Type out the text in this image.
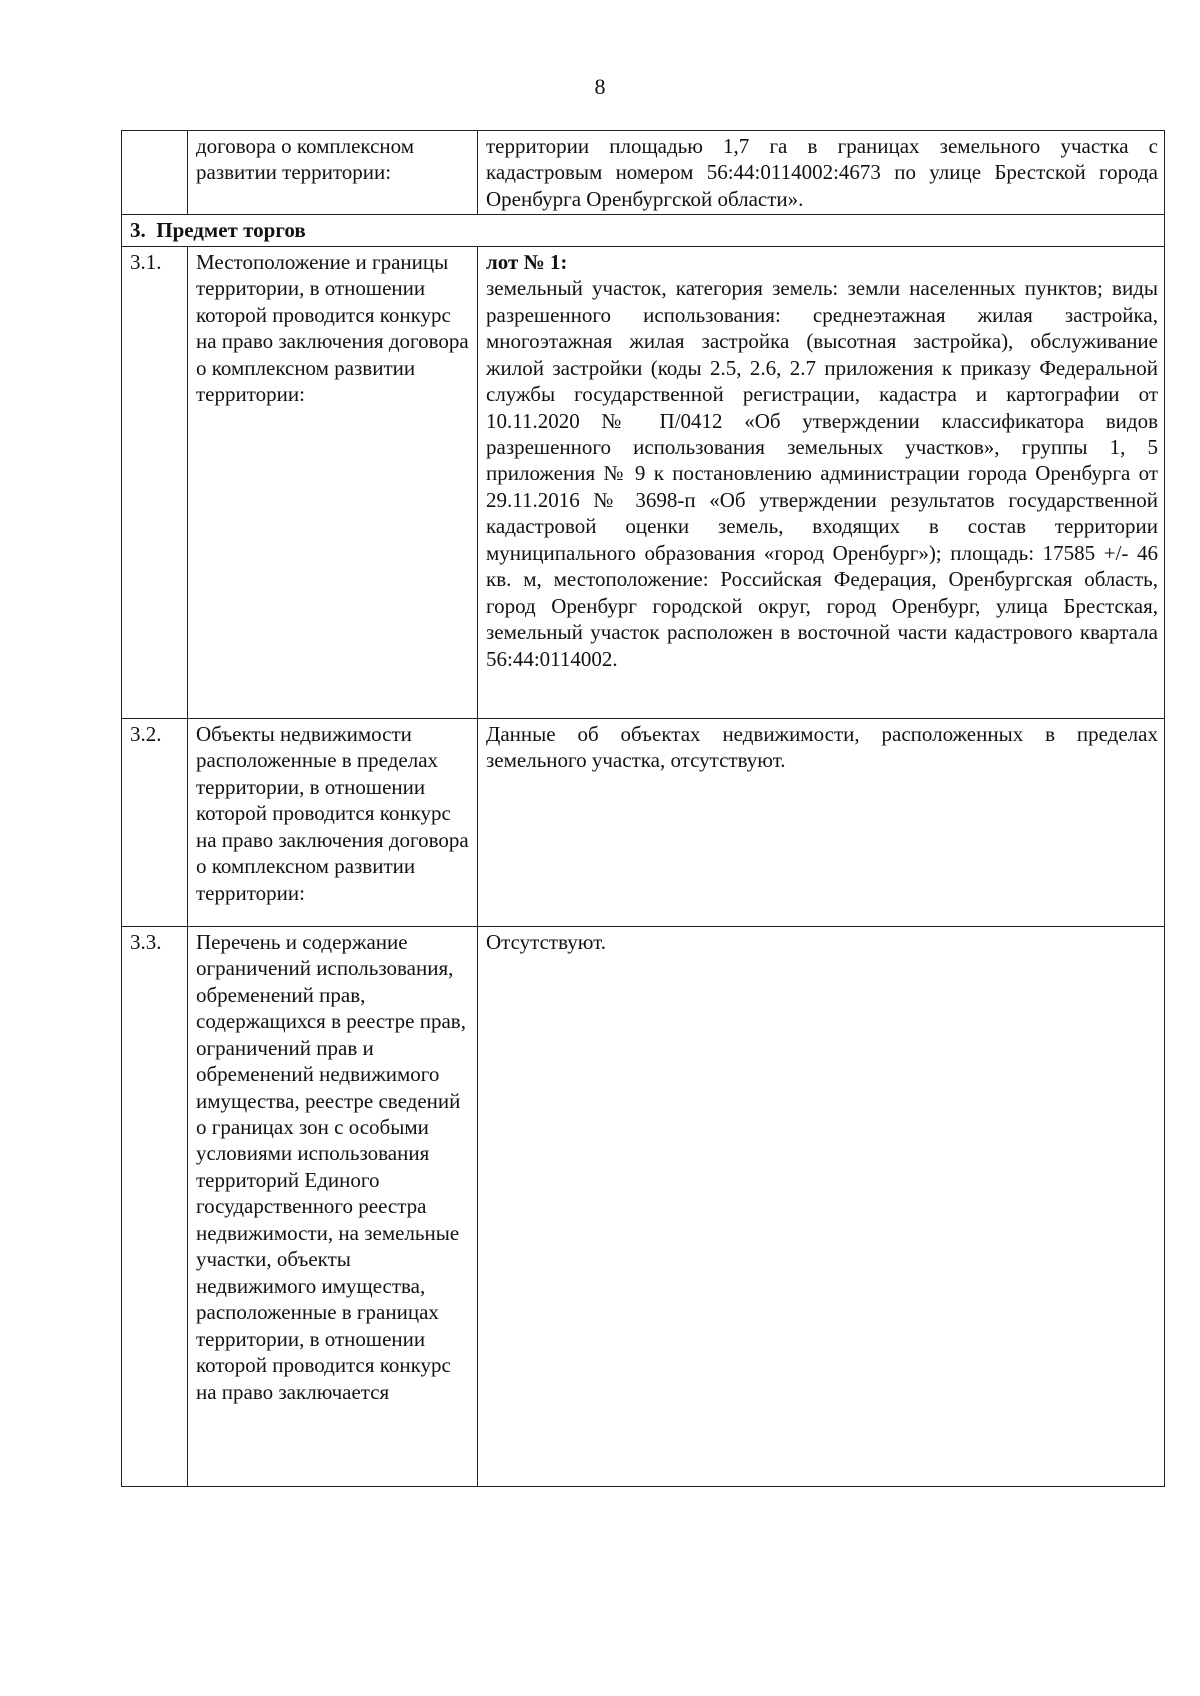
8
	договора о комплексном развитии территории:	территории площадью 1,7 га в границах земельного участка с кадастровым номером 56:44:0114002:4673 по улице Брестской города Оренбурга Оренбургской области».
3. Предмет торгов		
3.1.	Местоположение и границы территории, в отношении которой проводится конкурс на право заключения договора о комплексном развитии территории:	лот № 1:
земельный участок, категория земель: земли населенных пунктов; виды разрешенного использования: среднеэтажная жилая застройка, многоэтажная жилая застройка (высотная застройка), обслуживание жилой застройки (коды 2.5, 2.6, 2.7 приложения к приказу Федеральной службы государственной регистрации, кадастра и картографии от 10.11.2020 № П/0412 «Об утверждении классификатора видов разрешенного использования земельных участков», группы 1, 5 приложения № 9 к постановлению администрации города Оренбурга от 29.11.2016 № 3698-п «Об утверждении результатов государственной кадастровой оценки земель, входящих в состав территории муниципального образования «город Оренбург»); площадь: 17585 +/- 46 кв. м, местоположение: Российская Федерация, Оренбургская область, город Оренбург городской округ, город Оренбург, улица Брестская, земельный участок расположен в восточной части кадастрового квартала 56:44:0114002.

3.2.	Объекты недвижимости расположенные в пределах территории, в отношении которой проводится конкурс на право заключения договора о комплексном развитии территории:	Данные об объектах недвижимости, расположенных в пределах земельного участка, отсутствуют.
3.3.	Перечень и содержание ограничений использования, обременений прав, содержащихся в реестре прав, ограничений прав и обременений недвижимого имущества, реестре сведений о границах зон с особыми условиями использования территорий Единого государственного реестра недвижимости, на земельные участки, объекты недвижимого имущества, расположенные в границах территории, в отношении которой проводится конкурс на право заключается	Отсутствуют.
